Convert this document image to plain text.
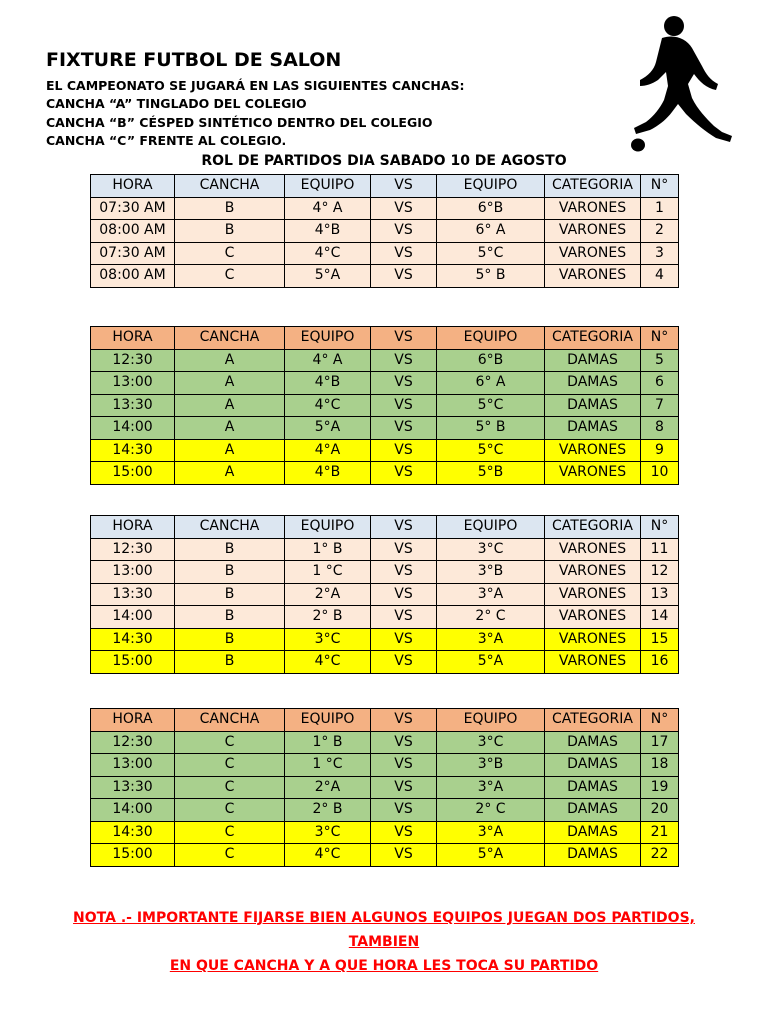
FIXTURE FUTBOL DE SALON
EL CAMPEONATO SE JUGARÁ EN LAS SIGUIENTES CANCHAS:
CANCHA “A” TINGLADO DEL COLEGIO
CANCHA “B” CÉSPED SINTÉTICO DENTRO DEL COLEGIO
CANCHA “C” FRENTE AL COLEGIO.
ROL DE PARTIDOS DIA SABADO 10 DE AGOSTO
HORA	CANCHA	EQUIPO	VS	EQUIPO	CATEGORIA	N°
07:30 AM	B	4° A	VS	6°B	VARONES	1
08:00 AM	B	4°B	VS	6° A	VARONES	2
07:30 AM	C	4°C	VS	5°C	VARONES	3
08:00 AM	C	5°A	VS	5° B	VARONES	4
HORA	CANCHA	EQUIPO	VS	EQUIPO	CATEGORIA	N°
12:30	A	4° A	VS	6°B	DAMAS	5
13:00	A	4°B	VS	6° A	DAMAS	6
13:30	A	4°C	VS	5°C	DAMAS	7
14:00	A	5°A	VS	5° B	DAMAS	8
14:30	A	4°A	VS	5°C	VARONES	9
15:00	A	4°B	VS	5°B	VARONES	10
HORA	CANCHA	EQUIPO	VS	EQUIPO	CATEGORIA	N°
12:30	B	1° B	VS	3°C	VARONES	11
13:00	B	1 °C	VS	3°B	VARONES	12
13:30	B	2°A	VS	3°A	VARONES	13
14:00	B	2° B	VS	2° C	VARONES	14
14:30	B	3°C	VS	3°A	VARONES	15
15:00	B	4°C	VS	5°A	VARONES	16
HORA	CANCHA	EQUIPO	VS	EQUIPO	CATEGORIA	N°
12:30	C	1° B	VS	3°C	DAMAS	17
13:00	C	1 °C	VS	3°B	DAMAS	18
13:30	C	2°A	VS	3°A	DAMAS	19
14:00	C	2° B	VS	2° C	DAMAS	20
14:30	C	3°C	VS	3°A	DAMAS	21
15:00	C	4°C	VS	5°A	DAMAS	22
NOTA .- IMPORTANTE FIJARSE BIEN ALGUNOS EQUIPOS JUEGAN DOS PARTIDOS, TAMBIEN
EN QUE CANCHA Y A QUE HORA LES TOCA SU PARTIDO
